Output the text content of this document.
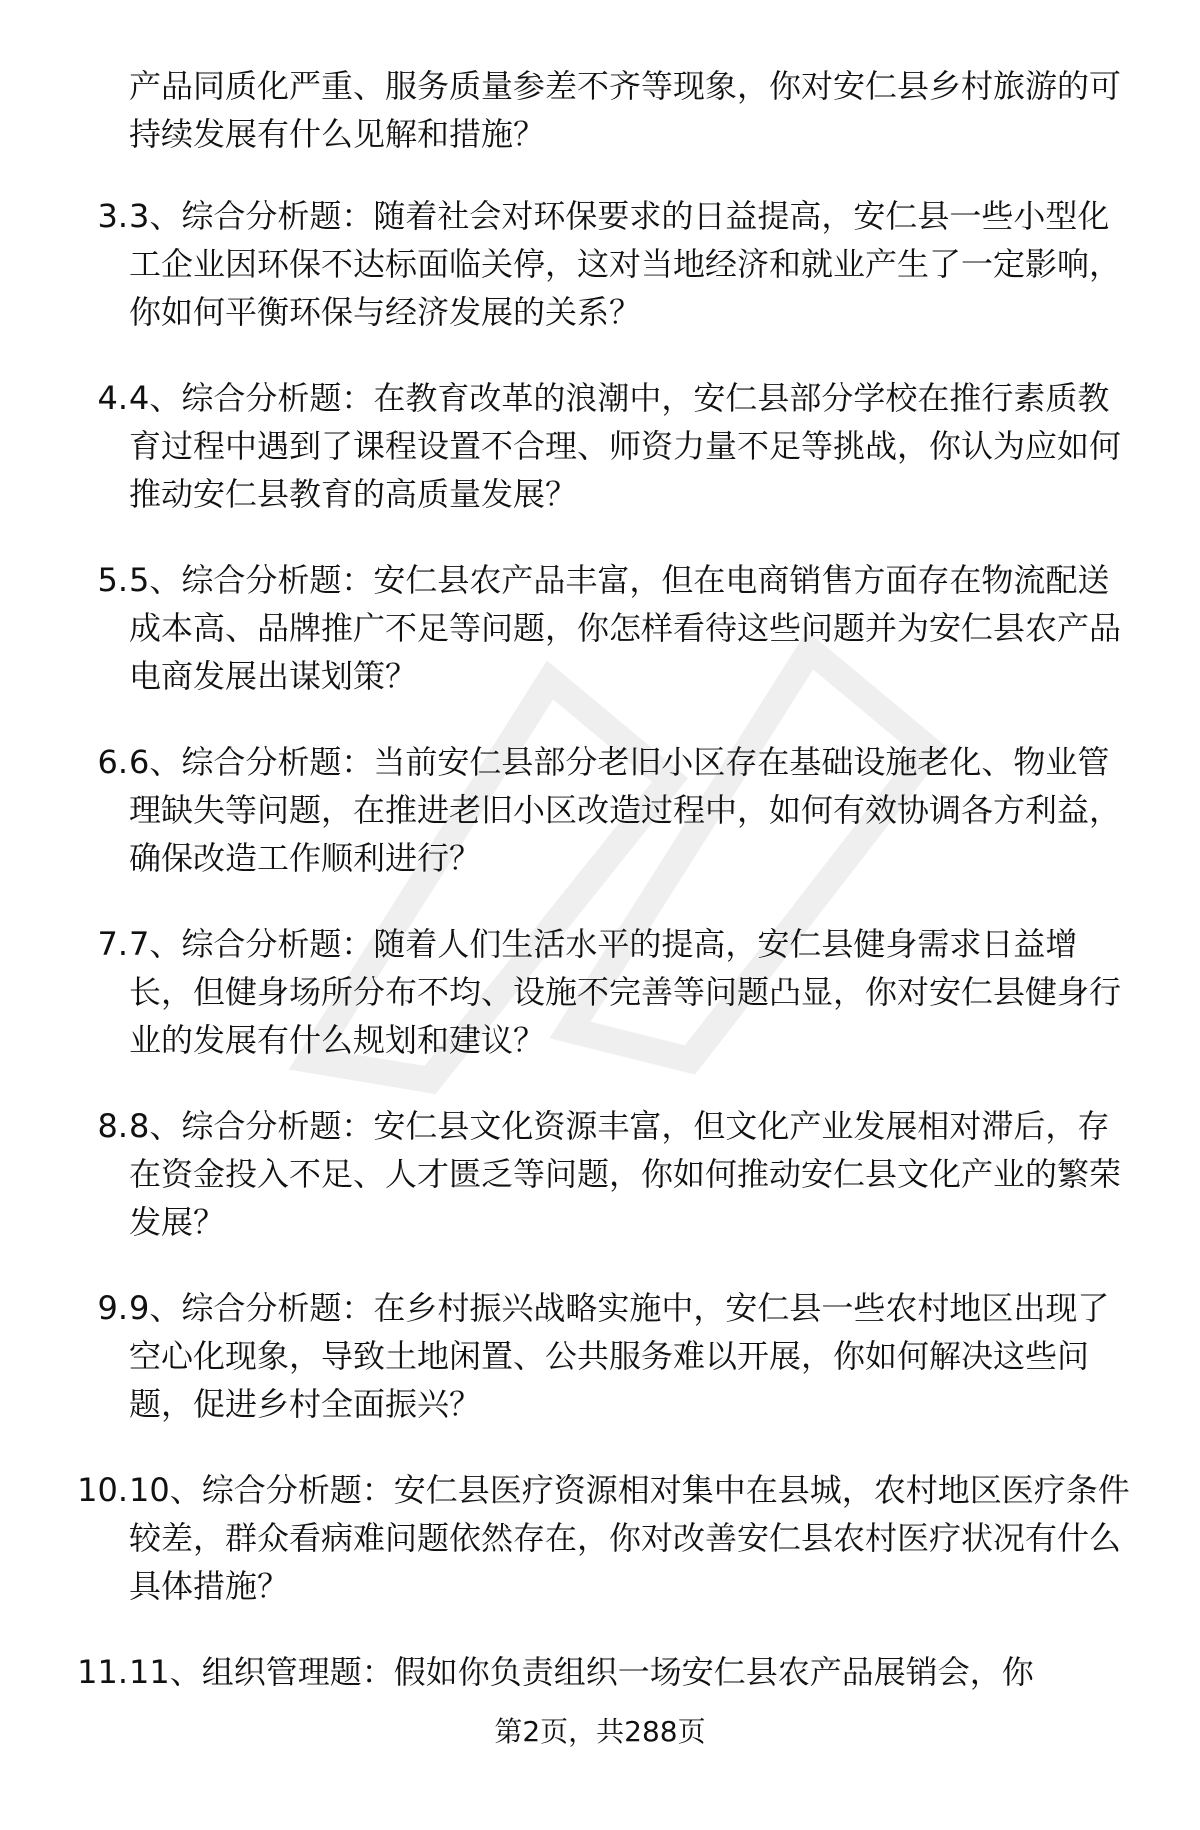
产品同质化严重、服务质量参差不齐等现象，你对安仁县乡村旅游的可持续发展有什么见解和措施？

3. 3、综合分析题：随着社会对环保要求的日益提高，安仁县一些小型化工企业因环保不达标面临关停，这对当地经济和就业产生了一定影响，你如何平衡环保与经济发展的关系？

4. 4、综合分析题：在教育改革的浪潮中，安仁县部分学校在推行素质教育过程中遇到了课程设置不合理、师资力量不足等挑战，你认为应如何推动安仁县教育的高质量发展？

5. 5、综合分析题：安仁县农产品丰富，但在电商销售方面存在物流配送成本高、品牌推广不足等问题，你怎样看待这些问题并为安仁县农产品电商发展出谋划策？

6. 6、综合分析题：当前安仁县部分老旧小区存在基础设施老化、物业管理缺失等问题，在推进老旧小区改造过程中，如何有效协调各方利益，确保改造工作顺利进行？

7. 7、综合分析题：随着人们生活水平的提高，安仁县健身需求日益增长，但健身场所分布不均、设施不完善等问题凸显，你对安仁县健身行业的发展有什么规划和建议？

8. 8、综合分析题：安仁县文化资源丰富，但文化产业发展相对滞后，存在资金投入不足、人才匮乏等问题，你如何推动安仁县文化产业的繁荣发展？

9. 9、综合分析题：在乡村振兴战略实施中，安仁县一些农村地区出现了空心化现象，导致土地闲置、公共服务难以开展，你如何解决这些问题，促进乡村全面振兴？

10. 10、综合分析题：安仁县医疗资源相对集中在县城，农村地区医疗条件较差，群众看病难问题依然存在，你对改善安仁县农村医疗状况有什么具体措施？

11. 11、组织管理题：假如你负责组织一场安仁县农产品展销会，你

第2页，共288页
